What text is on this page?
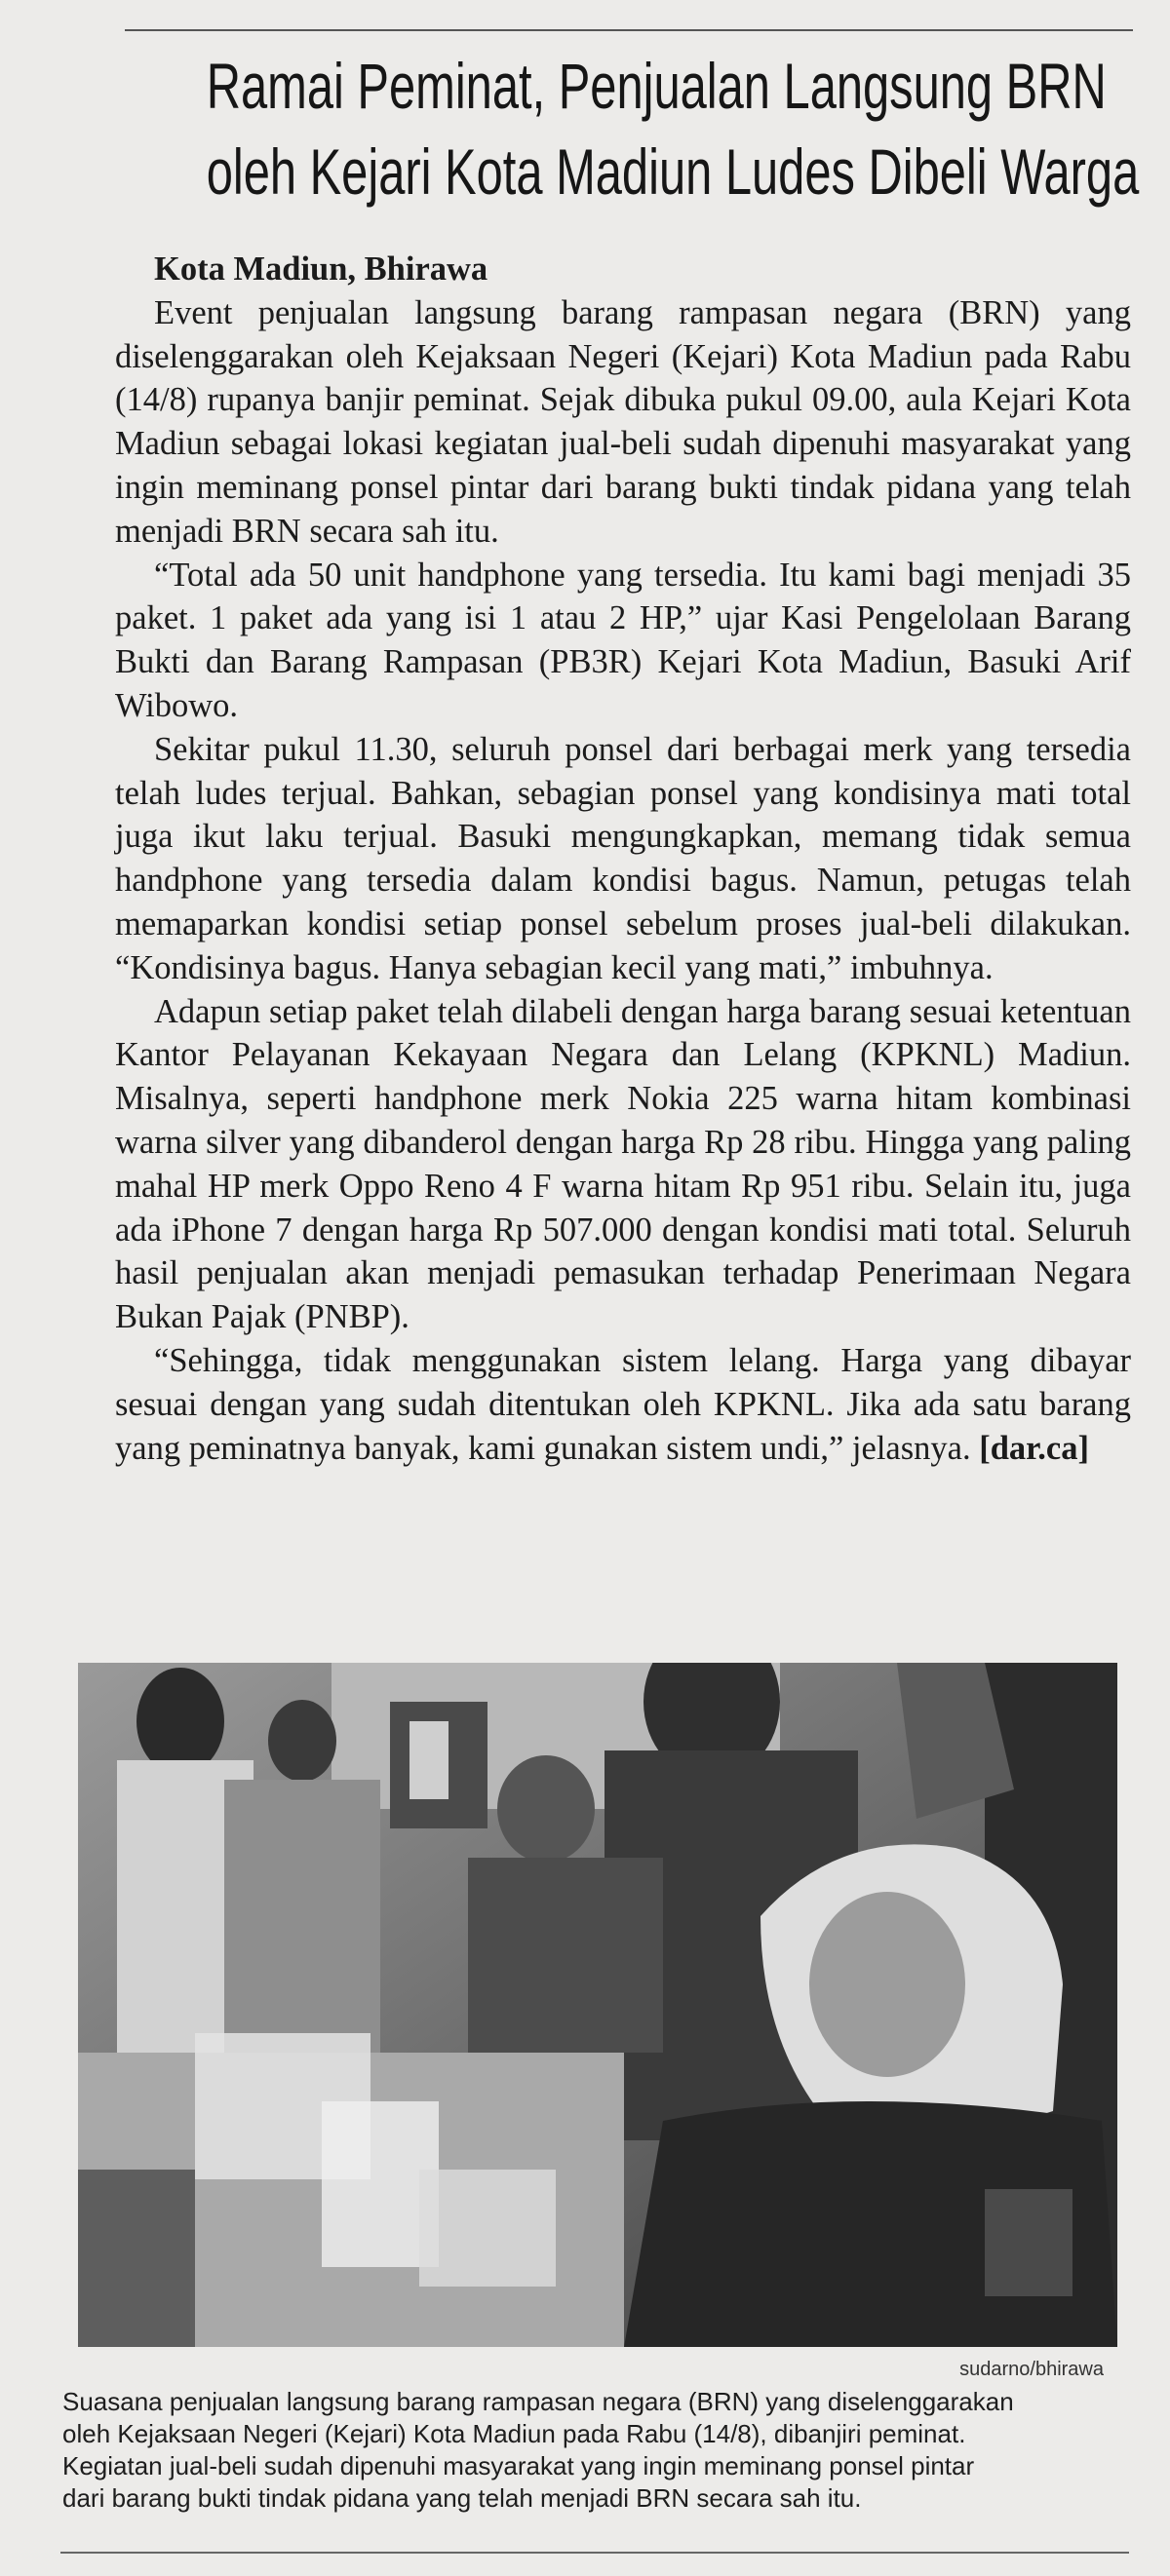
Ramai Peminat, Penjualan Langsung BRN
oleh Kejari Kota Madiun Ludes Dibeli Warga

Kota Madiun, Bhirawa

Event penjualan langsung barang rampasan negara (BRN) yang diselenggarakan oleh Kejaksaan Negeri (Kejari) Kota Madiun pada Rabu (14/8) rupanya banjir peminat. Sejak dibuka pukul 09.00, aula Kejari Kota Madiun sebagai lokasi kegiatan jual-beli sudah dipenuhi masyarakat yang ingin meminang ponsel pintar dari barang bukti tindak pidana yang telah menjadi BRN secara sah itu.

“Total ada 50 unit handphone yang tersedia. Itu kami bagi menjadi 35 paket. 1 paket ada yang isi 1 atau 2 HP,” ujar Kasi Pengelolaan Barang Bukti dan Barang Rampasan (PB3R) Kejari Kota Madiun, Basuki Arif Wibowo.

Sekitar pukul 11.30, seluruh ponsel dari berbagai merk yang tersedia telah ludes terjual. Bahkan, sebagian ponsel yang kondisinya mati total juga ikut laku terjual. Basuki mengungkapkan, memang tidak semua handphone yang tersedia dalam kondisi bagus. Namun, petugas telah memaparkan kondisi setiap ponsel sebelum proses jual-beli dilakukan. “Kondisinya bagus. Hanya sebagian kecil yang mati,” imbuhnya.

Adapun setiap paket telah dilabeli dengan harga barang sesuai ketentuan Kantor Pelayanan Kekayaan Negara dan Lelang (KPKNL) Madiun. Misalnya, seperti handphone merk Nokia 225 warna hitam kombinasi warna silver yang dibanderol dengan harga Rp 28 ribu. Hingga yang paling mahal HP merk Oppo Reno 4 F warna hitam Rp 951 ribu. Selain itu, juga ada iPhone 7 dengan harga Rp 507.000 dengan kondisi mati total. Seluruh hasil penjualan akan menjadi pemasukan terhadap Penerimaan Negara Bukan Pajak (PNBP).

“Sehingga, tidak menggunakan sistem lelang. Harga yang dibayar sesuai dengan yang sudah ditentukan oleh KPKNL. Jika ada satu barang yang peminatnya banyak, kami gunakan sistem undi,” jelasnya. [dar.ca]

sudarno/bhirawa
Suasana penjualan langsung barang rampasan negara (BRN) yang diselenggarakan
oleh Kejaksaan Negeri (Kejari) Kota Madiun pada Rabu (14/8), dibanjiri peminat.
Kegiatan jual-beli sudah dipenuhi masyarakat yang ingin meminang ponsel pintar
dari barang bukti tindak pidana yang telah menjadi BRN secara sah itu.
